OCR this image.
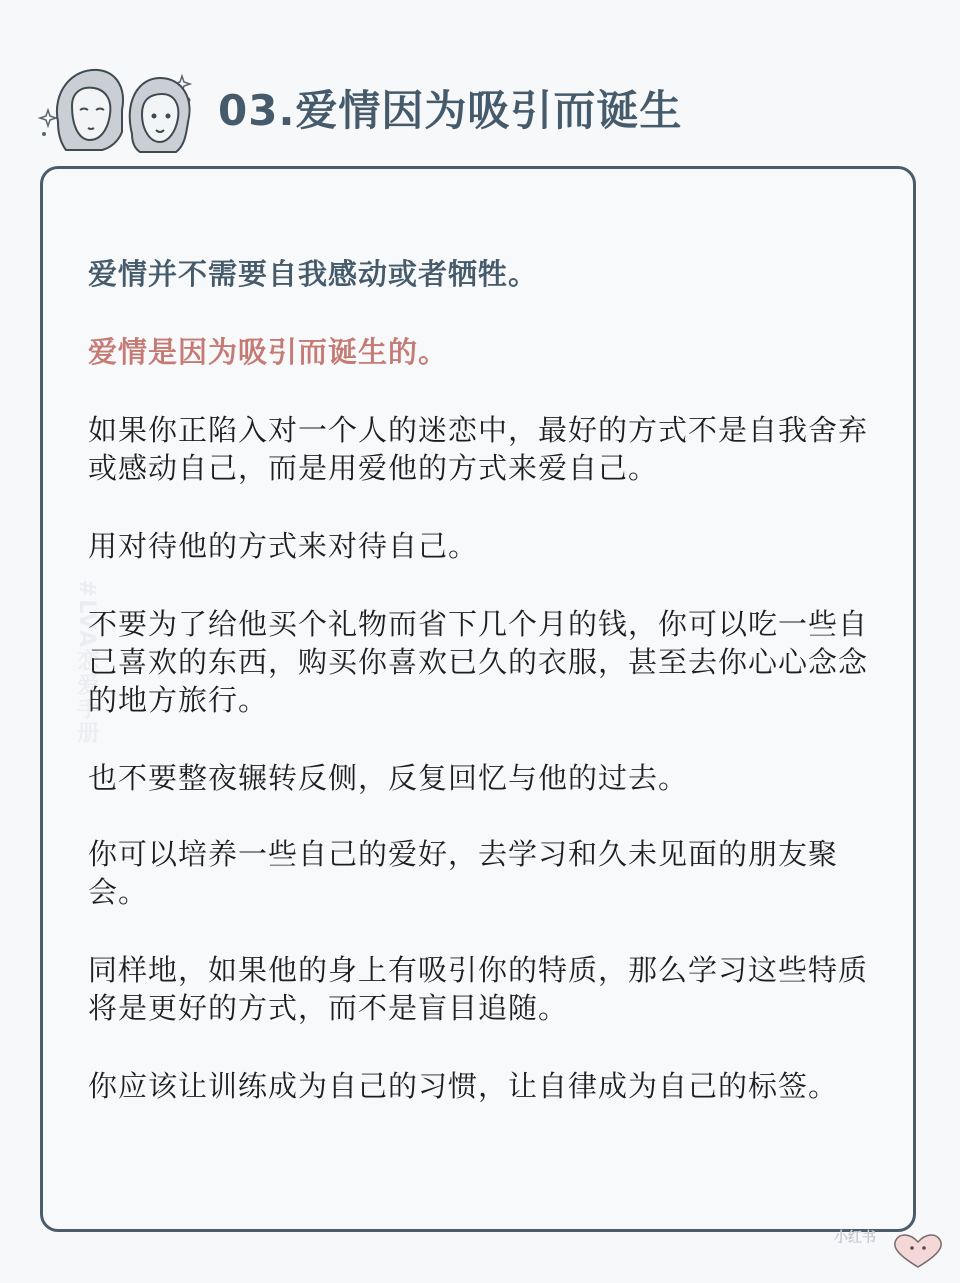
03.爱情因为吸引而诞生
#LVA恋爱手册

爱情并不需要自我感动或者牺牲。

爱情是因为吸引而诞生的。

如果你正陷入对一个人的迷恋中，最好的方式不是自我舍弃或感动自己，而是用爱他的方式来爱自己。

用对待他的方式来对待自己。

不要为了给他买个礼物而省下几个月的钱，你可以吃一些自己喜欢的东西，购买你喜欢已久的衣服，甚至去你心心念念的地方旅行。

也不要整夜辗转反侧，反复回忆与他的过去。

你可以培养一些自己的爱好，去学习和久未见面的朋友聚会。

同样地，如果他的身上有吸引你的特质，那么学习这些特质将是更好的方式，而不是盲目追随。

你应该让训练成为自己的习惯，让自律成为自己的标签。

小红书
